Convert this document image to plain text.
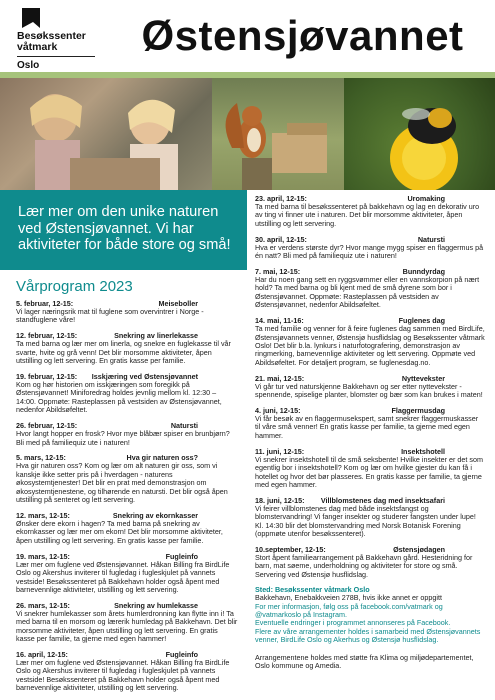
Besøkssenter
våtmark
Oslo
Østensjøvannet
Lær mer om den unike naturen ved Østensjøvannet. Vi har aktiviteter for både store og små!
Vårprogram 2023
5. februar, 12-15:	Meiseboller
Vi lager næringsrik mat til fuglene som overvintrer i Norge - standfuglene våre!
12. februar, 12-15:	Snekring av linerlekasse
Ta med barna og lær mer om linerla, og snekre en fuglekasse til vår svarte, hvite og grå venn! Det blir morsomme aktiviteter, åpen utstilling og lett servering. En gratis kasse per familie.
19. februar, 12-15: Isskjæring ved Østensjøvannet
Kom og hør historien om isskjæringen som foregikk på Østensjøvannet! Miniforedrag holdes jevnlig mellom kl. 12:30 – 14:00. Oppmøte: Rasteplassen på vestsiden av Østensjøvannet, nedenfor Abildsøfeltet.
26. februar, 12-15:	Natursti
Hvor langt hopper en frosk? Hvor mye blåbær spiser en brunbjørn? Bli med på familiequiz ute i naturen!
5. mars, 12-15:	Hva gir naturen oss?
Hva gir naturen oss? Kom og lær om alt naturen gir oss, som vi kanskje ikke setter pris på i hverdagen - naturens økosystemtjenester! Det blir en prat med demonstrasjon om økosystemtjenestene, og tilhørende en natursti. Det blir også åpen utstilling på senteret og lett servering.
12. mars, 12-15:	Snekring av ekornkasser
Ønsker dere ekorn i hagen? Ta med barna på snekring av ekornkasser og lær mer om ekorn! Det blir morsomme aktiviteter, åpen utstilling og lett servering. En gratis kasse per familie.
19. mars, 12-15:	Fugleinfo
Lær mer om fuglene ved Østensjøvannet. Håkan Billing fra BirdLife Oslo og Akershus inviterer til fugledag i fugleskjulet på vannets vestside! Besøkssenteret på Bakkehavn holder også åpent med barnevennlige aktiviteter, utstilling og lett servering.
26. mars, 12-15:	Snekring av humlekasse
Vi snekrer humlekasser som årets humlerdronning kan flytte inn i! Ta med barna til en morsom og lærerik humledag på Bakkehavn. Det blir morsomme aktiviteter, åpen utstilling og lett servering. En gratis kasse per familie, ta gjerne med egen hammer!
16. april, 12-15:	Fugleinfo
Lær mer om fuglene ved Østensjøvannet. Håkan Billing fra BirdLife Oslo og Akershus inviterer til fugledag i fugleskjulet på vannets vestside! Besøkssenteret på Bakkehavn holder også åpent med barnevennlige aktiviteter, utstilling og lett servering.
23. april, 12-15:	Uromaking
Ta med barna til besøkssenteret på bakkehavn og lag en dekorativ uro av ting vi finner ute i naturen. Det blir morsomme aktiviteter, åpen utstilling og lett servering.
30. april, 12-15:	Natursti
Hva er verdens største dyr? Hvor mange mygg spiser en flaggermus på én natt? Bli med på familiequiz ute i naturen!
7. mai, 12-15:	Bunndyrdag
Har du noen gang sett en ryggsvømmer eller en vannskorpion på nært hold? Ta med barna og bli kjent med de små dyrene som bor i Østensjøvannet. Oppmøte: Rasteplassen på vestsiden av Østensjøvannet, nedenfor Abildsøfeltet.
14. mai, 11-16:	Fuglenes dag
Ta med familie og venner for å feire fuglenes dag sammen med BirdLife, Østensjøvannets venner, Østensjø husflidslag og Besøkssenter våtmark Oslo! Det blir b.la. lynkurs i naturfotografering, demonstrasjon av ringmerking, barnevennlige aktiviteter og lett servering. Oppmøte ved Abildsøfeltet. For detaljert program, se fuglenesdag.no.
21. mai, 12-15:	Nyttevekster
Vi går tur ved naturskjenne Bakkehavn og ser etter nyttevekster - spennende, spiselige planter, blomster og bær som kan brukes i maten!
4. juni, 12-15:	Flaggermusdag
Vi får besøk av en flaggermusekspert, samt snekrer flaggermuskasser til våre små venner! En gratis kasse per familie, ta gjerne med egen hammer.
11. juni, 12-15:	Insektshotell
Vi snekrer insektshotell til de små seksbente! Hvilke insekter er det som egentlig bor i insektshotell? Kom og lær om hvilke gjester du kan få i hotellet og hvor det bør plasseres. En gratis kasse per familie, ta gjerne med egen hammer.
18. juni, 12-15: Villblomstenes dag med insektsafari
Vi feirer villblomstenes dag med både insektsfangst og blomstervandring! Vi fanger insekter og studerer fangsten under lupe! Kl. 14:30 blir det blomstervandring med Norsk Botanisk Forening (oppmøte utenfor besøkssenteret).
10.september, 12-15:	Østensjødagen
Stort åpent familiearrangement på Bakkehavn gård. Hesteridning for barn, mat søeme, underholdning og aktiviteter for store og små. Servering ved Østensjø husflidslag.
Sted: Besøkssenter våtmark Oslo
Bakkehavn, Enebakkveien 278B, hvis ikke annet er oppgitt
For mer informasjon, følg oss på facebook.com/vatmark og @vatmarkoslo på Instagram.
Eventuelle endringer i programmet annonseres på Facebook.
Flere av våre arrangementer holdes i samarbeid med Østensjøvannets venner, BirdLife Oslo og Akerhus og Østensjø husflidslag.
Arrangementene holdes med støtte fra Klima og miljødepartementet, Oslo kommune og Amedia.
